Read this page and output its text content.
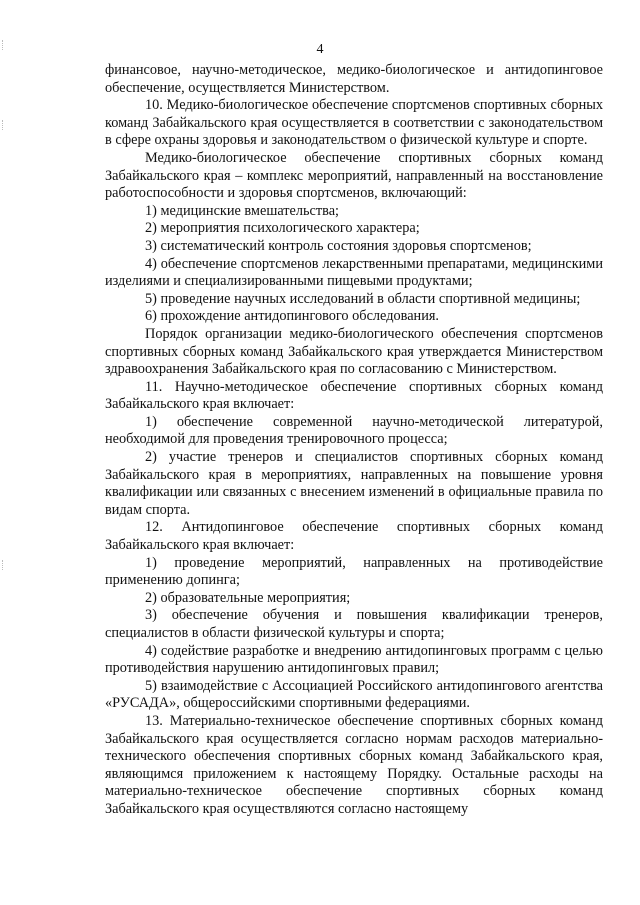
4

финансовое, научно-методическое, медико-биологическое и антидопинговое обеспечение, осуществляется Министерством.

10. Медико-биологическое обеспечение спортсменов спортивных сборных команд Забайкальского края осуществляется в соответствии с законодательством в сфере охраны здоровья и законодательством о физической культуре и спорте.

Медико-биологическое обеспечение спортивных сборных команд Забайкальского края – комплекс мероприятий, направленный на восстановление работоспособности и здоровья спортсменов, включающий:

1) медицинские вмешательства;

2) мероприятия психологического характера;

3) систематический контроль состояния здоровья спортсменов;

4) обеспечение спортсменов лекарственными препаратами, медицинскими изделиями и специализированными пищевыми продуктами;

5) проведение научных исследований в области спортивной медицины;

6) прохождение антидопингового обследования.

Порядок организации медико-биологического обеспечения спортсменов спортивных сборных команд Забайкальского края утверждается Министерством здравоохранения Забайкальского края по согласованию с Министерством.

11. Научно-методическое обеспечение спортивных сборных команд Забайкальского края включает:

1) обеспечение современной научно-методической литературой, необходимой для проведения тренировочного процесса;

2) участие тренеров и специалистов спортивных сборных команд Забайкальского края в мероприятиях, направленных на повышение уровня квалификации или связанных с внесением изменений в официальные правила по видам спорта.

12. Антидопинговое обеспечение спортивных сборных команд Забайкальского края включает:

1) проведение мероприятий, направленных на противодействие применению допинга;

2) образовательные мероприятия;

3) обеспечение обучения и повышения квалификации тренеров, специалистов в области физической культуры и спорта;

4) содействие разработке и внедрению антидопинговых программ с целью противодействия нарушению антидопинговых правил;

5) взаимодействие с Ассоциацией Российского антидопингового агентства «РУСАДА», общероссийскими спортивными федерациями.

13. Материально-техническое обеспечение спортивных сборных команд Забайкальского края осуществляется согласно нормам расходов материально-технического обеспечения спортивных сборных команд Забайкальского края, являющимся приложением к настоящему Порядку. Остальные расходы на материально-техническое обеспечение спортивных сборных команд Забайкальского края осуществляются согласно настоящему
